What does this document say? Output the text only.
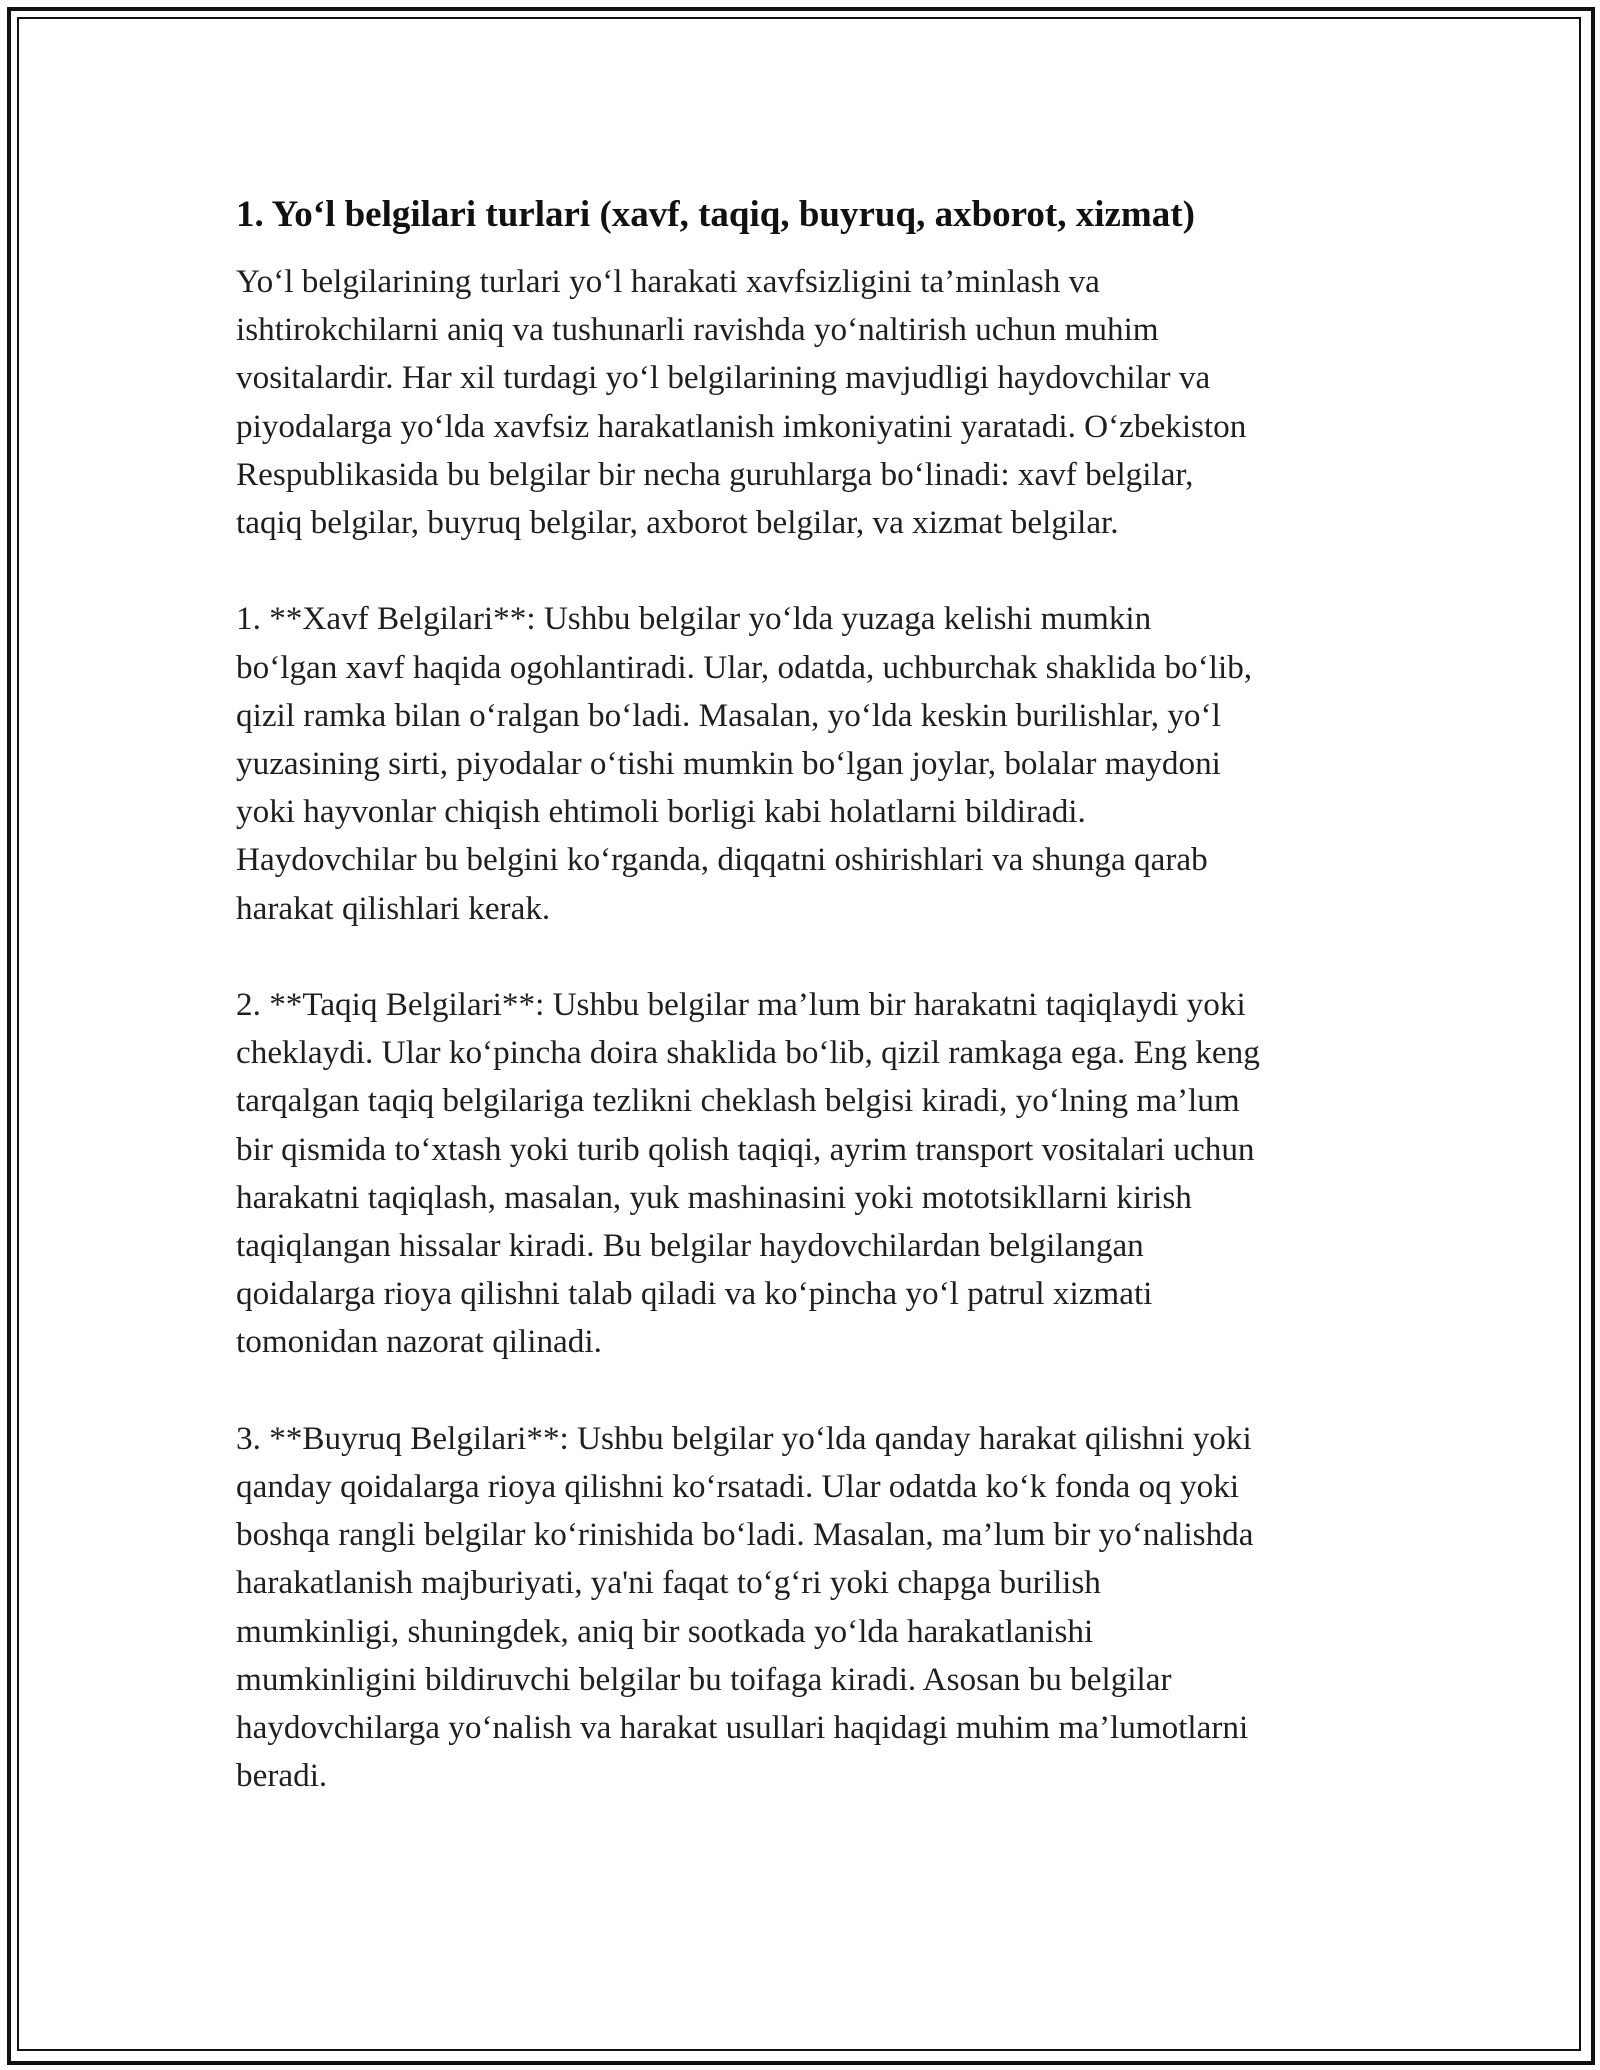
1. Yo‘l belgilari turlari (xavf, taqiq, buyruq, axborot, xizmat)
Yo‘l belgilarining turlari yo‘l harakati xavfsizligini ta’minlash va
ishtirokchilarni aniq va tushunarli ravishda yo‘naltirish uchun muhim
vositalardir. Har xil turdagi yo‘l belgilarining mavjudligi haydovchilar va
piyodalarga yo‘lda xavfsiz harakatlanish imkoniyatini yaratadi. O‘zbekiston
Respublikasida bu belgilar bir necha guruhlarga bo‘linadi: xavf belgilar,
taqiq belgilar, buyruq belgilar, axborot belgilar, va xizmat belgilar.
1. **Xavf Belgilari**: Ushbu belgilar yo‘lda yuzaga kelishi mumkin
bo‘lgan xavf haqida ogohlantiradi. Ular, odatda, uchburchak shaklida bo‘lib,
qizil ramka bilan o‘ralgan bo‘ladi. Masalan, yo‘lda keskin burilishlar, yo‘l
yuzasining sirti, piyodalar o‘tishi mumkin bo‘lgan joylar, bolalar maydoni
yoki hayvonlar chiqish ehtimoli borligi kabi holatlarni bildiradi.
Haydovchilar bu belgini ko‘rganda, diqqatni oshirishlari va shunga qarab
harakat qilishlari kerak.
2. **Taqiq Belgilari**: Ushbu belgilar ma’lum bir harakatni taqiqlaydi yoki
cheklaydi. Ular ko‘pincha doira shaklida bo‘lib, qizil ramkaga ega. Eng keng
tarqalgan taqiq belgilariga tezlikni cheklash belgisi kiradi, yo‘lning ma’lum
bir qismida to‘xtash yoki turib qolish taqiqi, ayrim transport vositalari uchun
harakatni taqiqlash, masalan, yuk mashinasini yoki mototsikllarni kirish
taqiqlangan hissalar kiradi. Bu belgilar haydovchilardan belgilangan
qoidalarga rioya qilishni talab qiladi va ko‘pincha yo‘l patrul xizmati
tomonidan nazorat qilinadi.
3. **Buyruq Belgilari**: Ushbu belgilar yo‘lda qanday harakat qilishni yoki
qanday qoidalarga rioya qilishni ko‘rsatadi. Ular odatda ko‘k fonda oq yoki
boshqa rangli belgilar ko‘rinishida bo‘ladi. Masalan, ma’lum bir yo‘nalishda
harakatlanish majburiyati, ya'ni faqat to‘g‘ri yoki chapga burilish
mumkinligi, shuningdek, aniq bir sootkada yo‘lda harakatlanishi
mumkinligini bildiruvchi belgilar bu toifaga kiradi. Asosan bu belgilar
haydovchilarga yo‘nalish va harakat usullari haqidagi muhim ma’lumotlarni
beradi.
